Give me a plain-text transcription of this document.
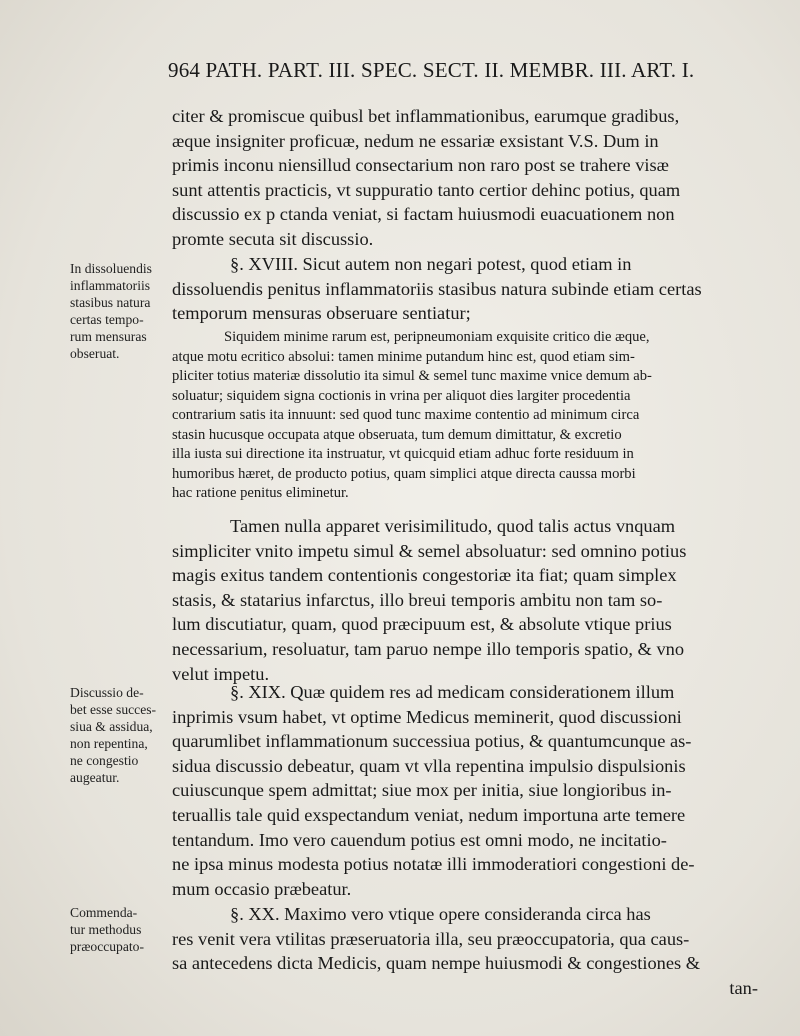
964 PATH. PART. III. SPEC. SECT. II. MEMBR. III. ART. I.
citer & promiscue quibusl bet inflammationibus, earumque gradibus,
æque insigniter proficuæ, nedum ne essariæ exsistant V.S. Dum in
primis inconu niensillud consectarium non raro post se trahere visæ
sunt attentis practicis, vt suppuratio tanto certior dehinc potius, quam
discussio ex p ctanda veniat, si factam huiusmodi euacuationem non
promte secuta sit discussio.
§. XVIII. Sicut autem non negari potest, quod etiam in
dissoluendis penitus inflammatoriis stasibus natura subinde etiam certas
temporum mensuras obseruare sentiatur;
Siquidem minime rarum est, peripneumoniam exquisite critico die æque,
atque motu ecritico absolui: tamen minime putandum hinc est, quod etiam sim-
pliciter totius materiæ dissolutio ita simul & semel tunc maxime vnice demum ab-
soluatur; siquidem signa coctionis in vrina per aliquot dies largiter procedentia
contrarium satis ita innuunt: sed quod tunc maxime contentio ad minimum circa
stasin hucusque occupata atque obseruata, tum demum dimittatur, & excretio
illa iusta sui directione ita instruatur, vt quicquid etiam adhuc forte residuum in
humoribus hæret, de producto potius, quam simplici atque directa caussa morbi
hac ratione penitus eliminetur.
Tamen nulla apparet verisimilitudo, quod talis actus vnquam
simpliciter vnito impetu simul & semel absoluatur: sed omnino potius
magis exitus tandem contentionis congestoriæ ita fiat; quam simplex
stasis, & statarius infarctus, illo breui temporis ambitu non tam so-
lum discutiatur, quam, quod præcipuum est, & absolute vtique prius
necessarium, resoluatur, tam paruo nempe illo temporis spatio, & vno
velut impetu.
§. XIX. Quæ quidem res ad medicam considerationem illum
inprimis vsum habet, vt optime Medicus meminerit, quod discussioni
quarumlibet inflammationum successiua potius, & quantumcunque as-
sidua discussio debeatur, quam vt vlla repentina impulsio dispulsionis
cuiuscunque spem admittat; siue mox per initia, siue longioribus in-
teruallis tale quid exspectandum veniat, nedum importuna arte temere
tentandum. Imo vero cauendum potius est omni modo, ne incitatio-
ne ipsa minus modesta potius notatæ illi immoderatiori congestioni de-
mum occasio præbeatur.
§. XX. Maximo vero vtique opere consideranda circa has
res venit vera vtilitas præseruatoria illa, seu præoccupatoria, qua caus-
sa antecedens dicta Medicis, quam nempe huiusmodi & congestiones &
tan-
In dissoluendis
inflammatoriis
stasibus natura
certas tempo-
rum mensuras
obseruat.
Discussio de-
bet esse succes-
siua & assidua,
non repentina,
ne congestio
augeatur.
Commenda-
tur methodus
præoccupato-
